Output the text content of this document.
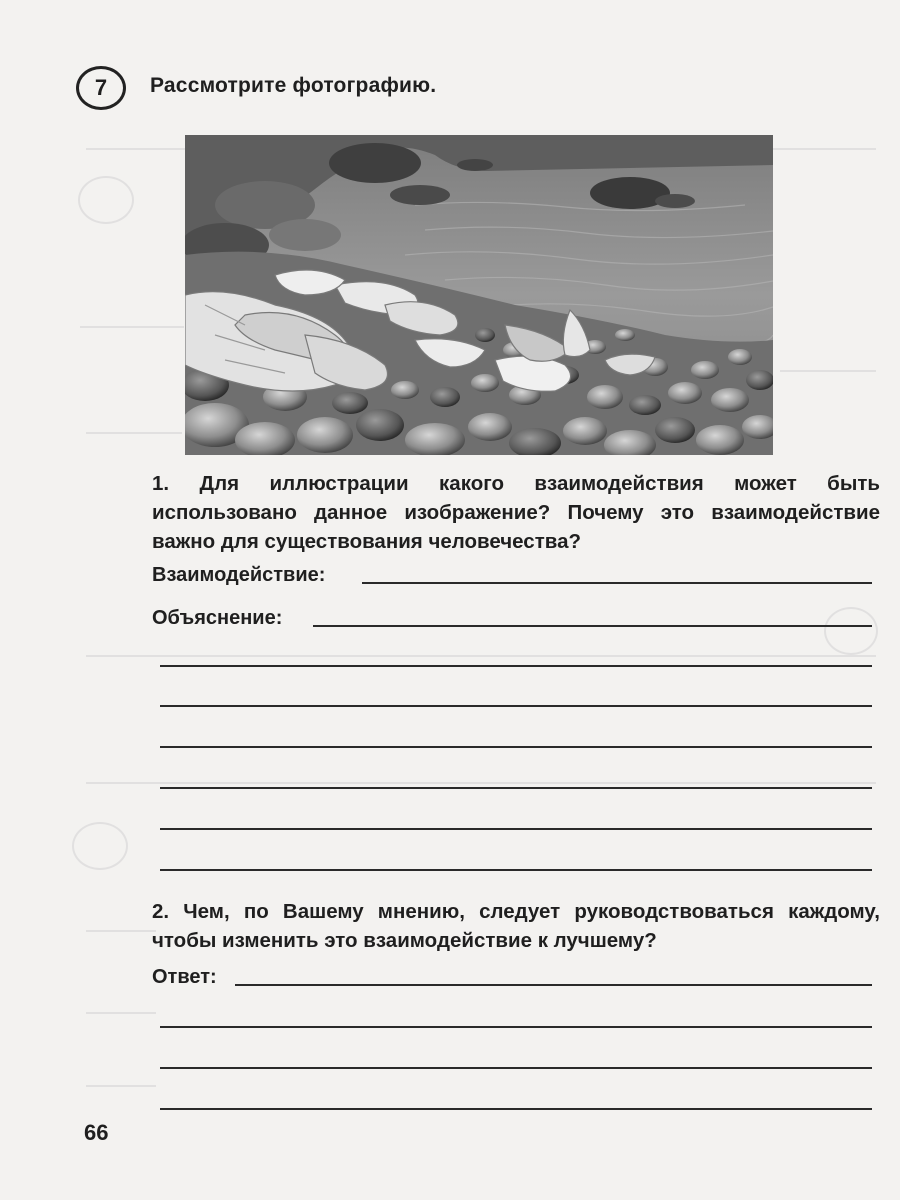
7 Рассмотрите фотографию.
1. Для иллюстрации какого взаимодействия может быть использовано данное изображение? Почему это взаимодействие важно для существования человечества?
Взаимодействие:
Объяснение:
2. Чем, по Вашему мнению, следует руководствоваться каждому, чтобы изменить это взаимодействие к лучшему?
Ответ:
66
